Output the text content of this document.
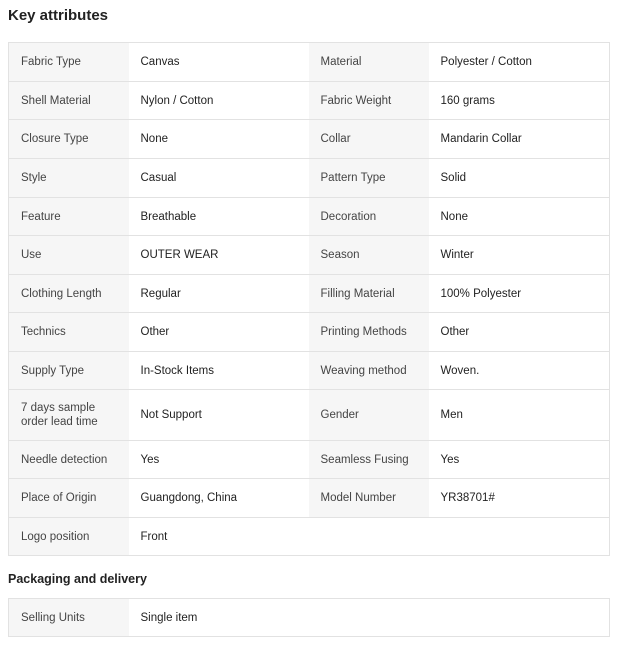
Key attributes
Fabric Type	Canvas	Material	Polyester / Cotton
Shell Material	Nylon / Cotton	Fabric Weight	160 grams
Closure Type	None	Collar	Mandarin Collar
Style	Casual	Pattern Type	Solid
Feature	Breathable	Decoration	None
Use	OUTER WEAR	Season	Winter
Clothing Length	Regular	Filling Material	100% Polyester
Technics	Other	Printing Methods	Other
Supply Type	In-Stock Items	Weaving method	Woven.
7 days sample order lead time	Not Support	Gender	Men
Needle detection	Yes	Seamless Fusing	Yes
Place of Origin	Guangdong, China	Model Number	YR38701#
Logo position	Front		
Packaging and delivery
Selling Units	Single item		
